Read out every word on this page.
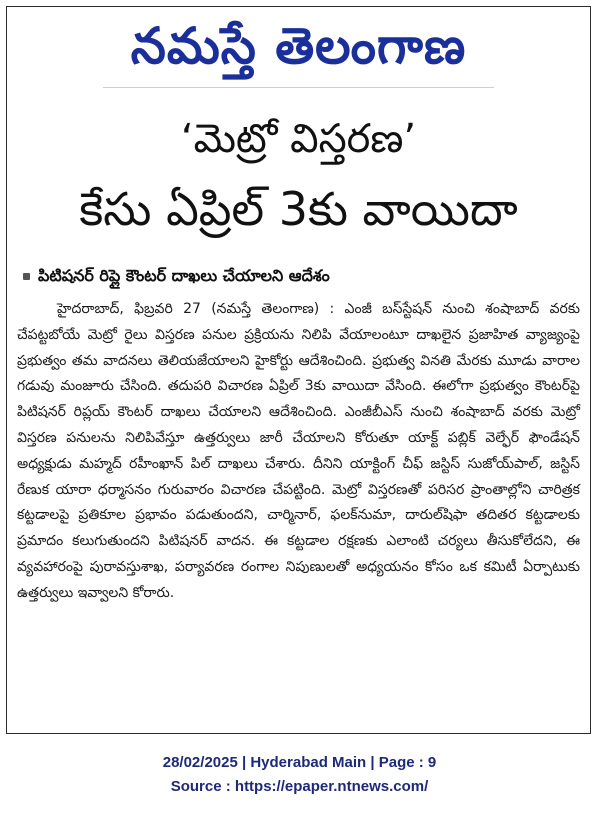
నమస్తే తెలంగాణ
‘మెట్రో విస్తరణ’
కేసు ఏప్రిల్ 3కు వాయిదా
పిటిషనర్ రిప్లై కౌంటర్ దాఖలు చేయాలని ఆదేశం

హైదరాబాద్, ఫిబ్రవరి 27 (నమస్తే తెలంగాణ) : ఎంజీ బస్‌స్టేషన్ నుంచి శంషాబాద్ వరకు చేపట్టబోయే మెట్రో రైలు విస్తరణ పనుల ప్రక్రియను నిలిపి వేయాలంటూ దాఖలైన ప్రజాహిత వ్యాజ్యంపై ప్రభుత్వం తమ వాదనలు తెలియజేయాలని హైకోర్టు ఆదేశించింది. ప్రభుత్వ వినతి మేరకు మూడు వారాల గడువు మంజూరు చేసింది. తదుపరి విచారణ ఏప్రిల్ 3కు వాయిదా వేసింది. ఈలోగా ప్రభుత్వం కౌంటర్‌పై పిటిషనర్ రిప్లయ్ కౌంటర్ దాఖలు చేయాలని ఆదేశించింది. ఎంజీబీఎస్ నుంచి శంషాబాద్ వరకు మెట్రో విస్తరణ పనులను నిలిపివేస్తూ ఉత్తర్వులు జారీ చేయాలని కోరుతూ యాక్ట్ పబ్లిక్ వెల్ఫేర్ ఫౌండేషన్ అధ్యక్షుడు మహ్మద్ రహీంఖాన్ పిల్ దాఖలు చేశారు. దీనిని యాక్టింగ్ చీఫ్ జస్టిస్ సుజోయ్‌పాల్, జస్టిస్ రేణుక యారా ధర్మాసనం గురువారం విచారణ చేపట్టింది. మెట్రో విస్తరణతో పరిసర ప్రాంతాల్లోని చారిత్రక కట్టడాలపై ప్రతికూల ప్రభావం పడుతుందని, చార్మినార్, ఫలక్‌నుమా, దారుల్‌షిఫా తదితర కట్టడాలకు ప్రమాదం కలుగుతుందని పిటిషనర్ వాదన. ఈ కట్టడాల రక్షణకు ఎలాంటి చర్యలు తీసుకోలేదని, ఈ వ్యవహారంపై పురావస్తుశాఖ, పర్యావరణ రంగాల నిపుణులతో అధ్యయనం కోసం ఒక కమిటీ ఏర్పాటుకు ఉత్తర్వులు ఇవ్వాలని కోరారు.

28/02/2025 | Hyderabad Main | Page : 9
Source : https://epaper.ntnews.com/
